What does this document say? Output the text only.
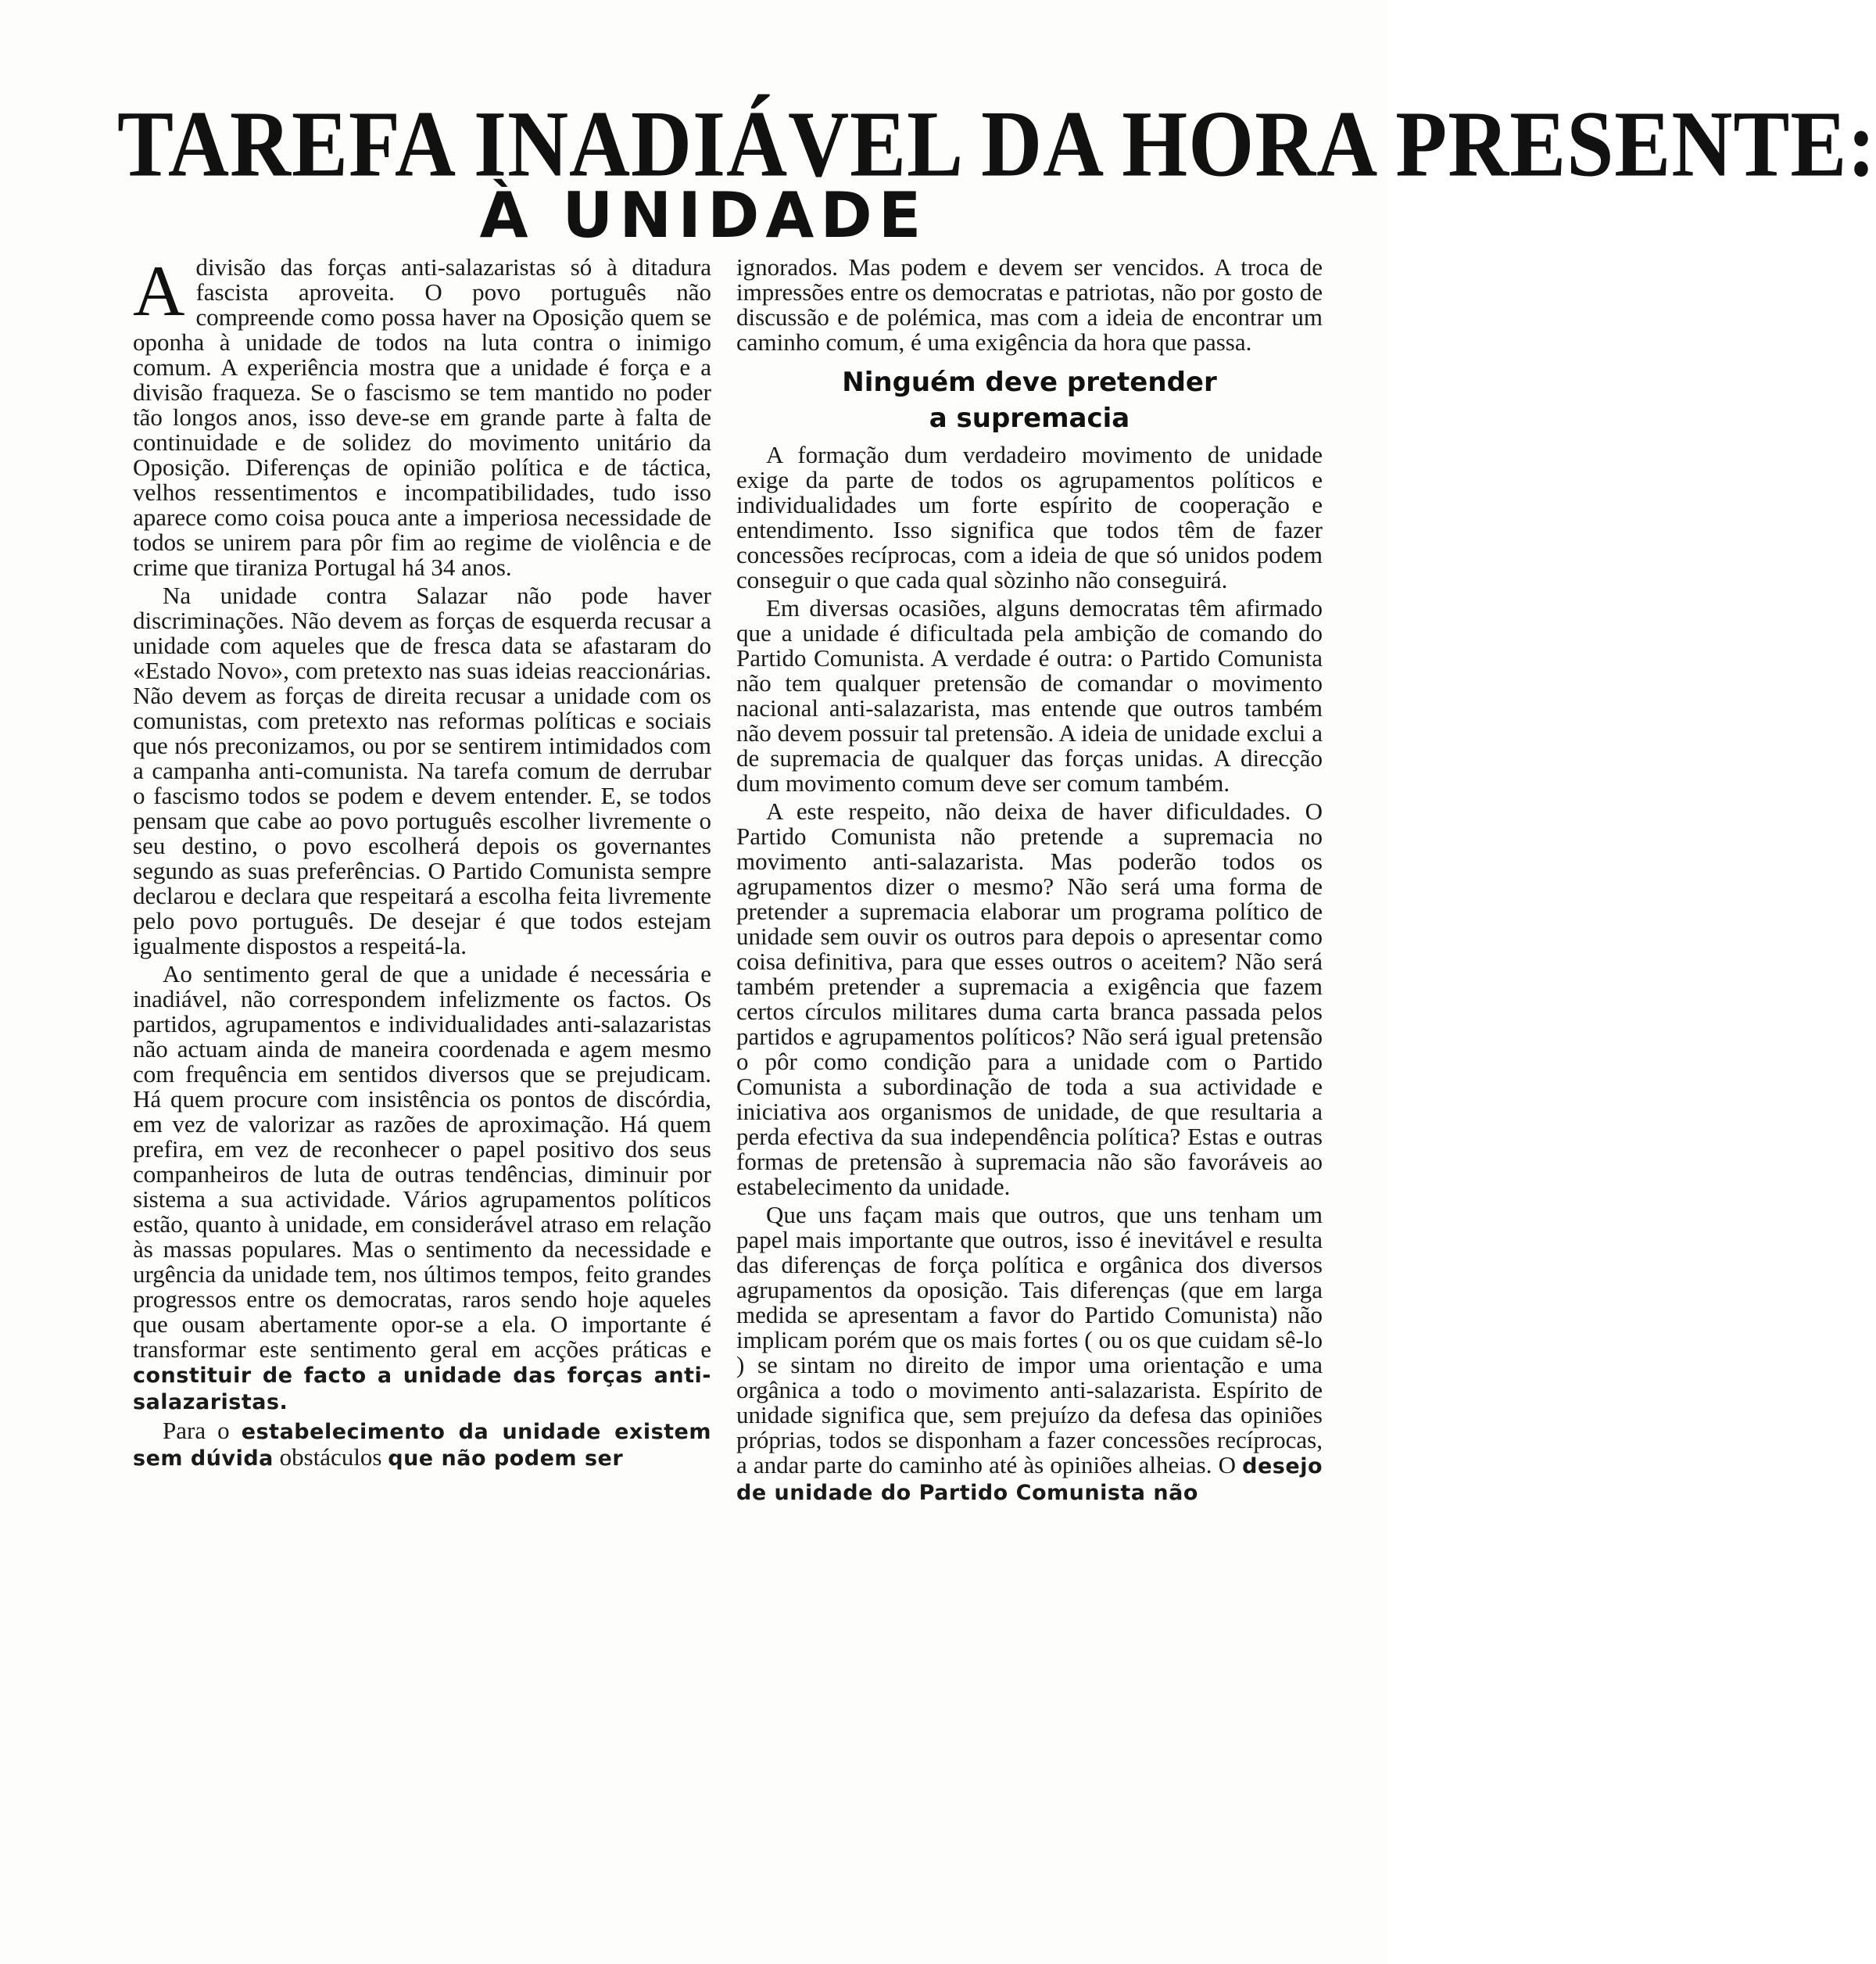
TAREFA INADIÁVEL DA HORA PRESENTE:
À UNIDADE

Adivisão das forças anti-salazaristas só à ditadura fascista aproveita. O povo português não compreende como possa haver na Oposição quem se oponha à unidade de todos na luta contra o inimigo comum. A experiência mostra que a unidade é força e a divisão fraqueza. Se o fascismo se tem mantido no poder tão longos anos, isso deve-se em grande parte à falta de continuidade e de solidez do movimento unitário da Oposição. Diferenças de opinião política e de táctica, velhos ressentimentos e incompatibilidades, tudo isso aparece como coisa pouca ante a imperiosa necessidade de todos se unirem para pôr fim ao regime de violência e de crime que tiraniza Portugal há 34 anos.

Na unidade contra Salazar não pode haver discriminações. Não devem as forças de esquerda recusar a unidade com aqueles que de fresca data se afastaram do «Estado Novo», com pretexto nas suas ideias reaccionárias. Não devem as forças de direita recusar a unidade com os comunistas, com pretexto nas reformas políticas e sociais que nós preconizamos, ou por se sentirem intimidados com a campanha anti-comunista. Na tarefa comum de derrubar o fascismo todos se podem e devem entender. E, se todos pensam que cabe ao povo português escolher livremente o seu destino, o povo escolherá depois os governantes segundo as suas preferências. O Partido Comunista sempre declarou e declara que respeitará a escolha feita livremente pelo povo português. De desejar é que todos estejam igualmente dispostos a respeitá-la.

Ao sentimento geral de que a unidade é necessária e inadiável, não correspondem infelizmente os factos. Os partidos, agrupamentos e individualidades anti-salazaristas não actuam ainda de maneira coordenada e agem mesmo com frequência em sentidos diversos que se prejudicam. Há quem procure com insistência os pontos de discórdia, em vez de valorizar as razões de aproximação. Há quem prefira, em vez de reconhecer o papel positivo dos seus companheiros de luta de outras tendências, diminuir por sistema a sua actividade. Vários agrupamentos políticos estão, quanto à unidade, em considerável atraso em relação às massas populares. Mas o sentimento da necessidade e urgência da unidade tem, nos últimos tempos, feito grandes progressos entre os democratas, raros sendo hoje aqueles que ousam abertamente opor-se a ela. O importante é transformar este sentimento geral em acções práticas e constituir de facto a unidade das forças anti-salazaristas.

Para o estabelecimento da unidade existem sem dúvida obstáculos que não podem ser

ignorados. Mas podem e devem ser vencidos. A troca de impressões entre os democratas e patriotas, não por gosto de discussão e de polémica, mas com a ideia de encontrar um caminho comum, é uma exigência da hora que passa.

Ninguém deve pretender
a supremacia

A formação dum verdadeiro movimento de unidade exige da parte de todos os agrupamentos políticos e individualidades um forte espírito de cooperação e entendimento. Isso significa que todos têm de fazer concessões recíprocas, com a ideia de que só unidos podem conseguir o que cada qual sòzinho não conseguirá.

Em diversas ocasiões, alguns democratas têm afirmado que a unidade é dificultada pela ambição de comando do Partido Comunista. A verdade é outra: o Partido Comunista não tem qualquer pretensão de comandar o movimento nacional anti-salazarista, mas entende que outros também não devem possuir tal pretensão. A ideia de unidade exclui a de supremacia de qualquer das forças unidas. A direcção dum movimento comum deve ser comum também.

A este respeito, não deixa de haver dificuldades. O Partido Comunista não pretende a supremacia no movimento anti-salazarista. Mas poderão todos os agrupamentos dizer o mesmo? Não será uma forma de pretender a supremacia elaborar um programa político de unidade sem ouvir os outros para depois o apresentar como coisa definitiva, para que esses outros o aceitem? Não será também pretender a supremacia a exigência que fazem certos círculos militares duma carta branca passada pelos partidos e agrupamentos políticos? Não será igual pretensão o pôr como condição para a unidade com o Partido Comunista a subordinação de toda a sua actividade e iniciativa aos organismos de unidade, de que resultaria a perda efectiva da sua independência política? Estas e outras formas de pretensão à supremacia não são favoráveis ao estabelecimento da unidade.

Que uns façam mais que outros, que uns tenham um papel mais importante que outros, isso é inevitável e resulta das diferenças de força política e orgânica dos diversos agrupamentos da oposição. Tais diferenças (que em larga medida se apresentam a favor do Partido Comunista) não implicam porém que os mais fortes ( ou os que cuidam sê-lo ) se sintam no direito de impor uma orientação e uma orgânica a todo o movimento anti-salazarista. Espírito de unidade significa que, sem prejuízo da defesa das opiniões próprias, todos se disponham a fazer concessões recíprocas, a andar parte do caminho até às opiniões alheias. O desejo de unidade do Partido Comunista não
